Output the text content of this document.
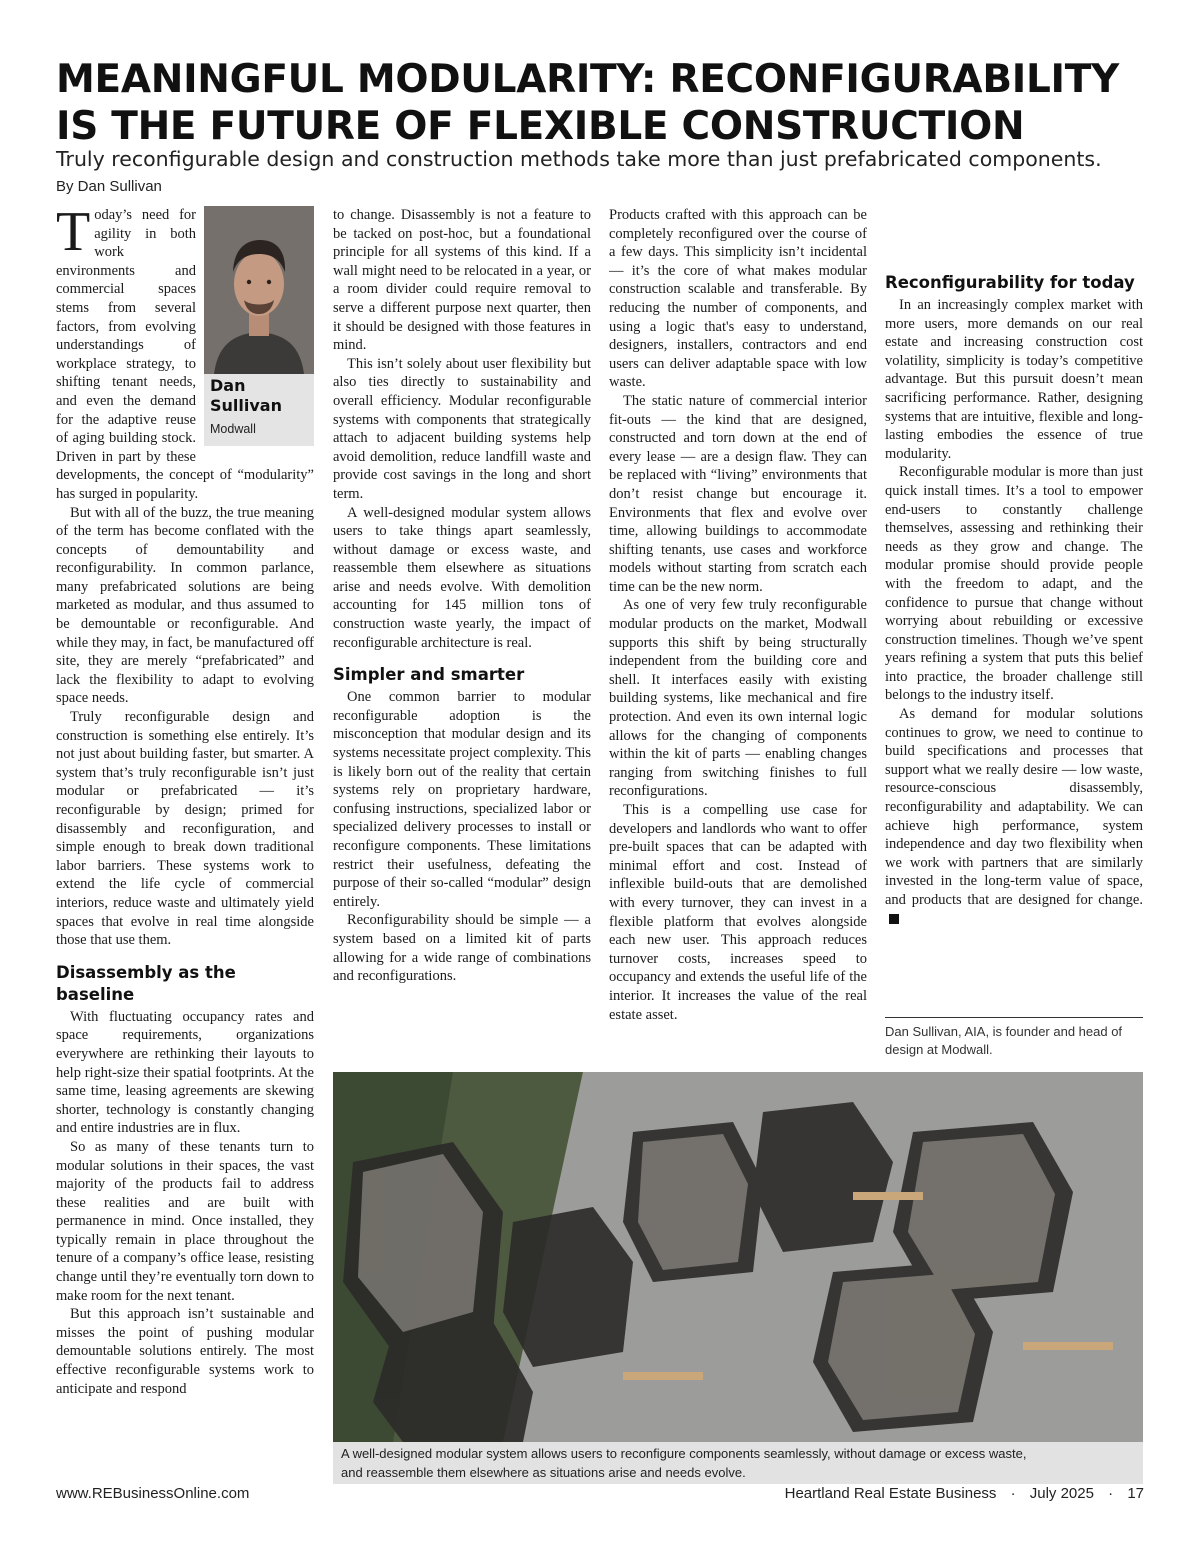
MEANINGFUL MODULARITY: RECONFIGURABILITY
IS THE FUTURE OF FLEXIBLE CONSTRUCTION
Truly reconfigurable design and construction methods take more than just prefabricated components.
By Dan Sullivan
Dan
Sullivan
Modwall

Today’s need for agility in both work environments and commercial spaces stems from several factors, from evolving understandings of workplace strategy, to shifting tenant needs, and even the demand for the adaptive reuse of aging building stock. Driven in part by these developments, the concept of “modularity” has surged in popularity.

But with all of the buzz, the true meaning of the term has become conflated with the concepts of demountability and reconfigurability. In common parlance, many prefabricated solutions are being marketed as modular, and thus assumed to be demountable or reconfigurable. And while they may, in fact, be manufactured off site, they are merely “prefabricated” and lack the flexibility to adapt to evolving space needs.

Truly reconfigurable design and construction is something else entirely. It’s not just about building faster, but smarter. A system that’s truly reconfigurable isn’t just modular or prefabricated — it’s reconfigurable by design; primed for disassembly and reconfiguration, and simple enough to break down traditional labor barriers. These systems work to extend the life cycle of commercial interiors, reduce waste and ultimately yield spaces that evolve in real time alongside those that use them.

Disassembly as the baseline

With fluctuating occupancy rates and space requirements, organizations everywhere are rethinking their layouts to help right-size their spatial footprints. At the same time, leasing agreements are skewing shorter, technology is constantly changing and entire industries are in flux.

So as many of these tenants turn to modular solutions in their spaces, the vast majority of the products fail to address these realities and are built with permanence in mind. Once installed, they typically remain in place throughout the tenure of a company’s office lease, resisting change until they’re eventually torn down to make room for the next tenant.

But this approach isn’t sustainable and misses the point of pushing modular demountable solutions entirely. The most effective reconfigurable systems work to anticipate and respond

to change. Disassembly is not a feature to be tacked on post-hoc, but a foundational principle for all systems of this kind. If a wall might need to be relocated in a year, or a room divider could require removal to serve a different purpose next quarter, then it should be designed with those features in mind.

This isn’t solely about user flexibility but also ties directly to sustainability and overall efficiency. Modular reconfigurable systems with components that strategically attach to adjacent building systems help avoid demolition, reduce landfill waste and provide cost savings in the long and short term.

A well-designed modular system allows users to take things apart seamlessly, without damage or excess waste, and reassemble them elsewhere as situations arise and needs evolve. With demolition accounting for 145 million tons of construction waste yearly, the impact of reconfigurable architecture is real.

Simpler and smarter

One common barrier to modular reconfigurable adoption is the misconception that modular design and its systems necessitate project complexity. This is likely born out of the reality that certain systems rely on proprietary hardware, confusing instructions, specialized labor or specialized delivery processes to install or reconfigure components. These limitations restrict their usefulness, defeating the purpose of their so-called “modular” design entirely.

Reconfigurability should be simple — a system based on a limited kit of parts allowing for a wide range of combinations and reconfigurations.

Products crafted with this approach can be completely reconfigured over the course of a few days. This simplicity isn’t incidental — it’s the core of what makes modular construction scalable and transferable. By reducing the number of components, and using a logic that's easy to understand, designers, installers, contractors and end users can deliver adaptable space with low waste.

The static nature of commercial interior fit-outs — the kind that are designed, constructed and torn down at the end of every lease — are a design flaw. They can be replaced with “living” environments that don’t resist change but encourage it. Environments that flex and evolve over time, allowing buildings to accommodate shifting tenants, use cases and workforce models without starting from scratch each time can be the new norm.

As one of very few truly reconfigurable modular products on the market, Modwall supports this shift by being structurally independent from the building core and shell. It interfaces easily with existing building systems, like mechanical and fire protection. And even its own internal logic allows for the changing of components within the kit of parts — enabling changes ranging from switching finishes to full reconfigurations.

This is a compelling use case for developers and landlords who want to offer pre-built spaces that can be adapted with minimal effort and cost. Instead of inflexible build-outs that are demolished with every turnover, they can invest in a flexible platform that evolves alongside each new user. This approach reduces turnover costs, increases speed to occupancy and extends the useful life of the interior. It increases the value of the real estate asset.

Reconfigurability for today

In an increasingly complex market with more users, more demands on our real estate and increasing construction cost volatility, simplicity is today’s competitive advantage. But this pursuit doesn’t mean sacrificing performance. Rather, designing systems that are intuitive, flexible and long-lasting embodies the essence of true modularity.

Reconfigurable modular is more than just quick install times. It’s a tool to empower end-users to constantly challenge themselves, assessing and rethinking their needs as they grow and change. The modular promise should provide people with the freedom to adapt, and the confidence to pursue that change without worrying about rebuilding or excessive construction timelines. Though we’ve spent years refining a system that puts this belief into practice, the broader challenge still belongs to the industry itself.

As demand for modular solutions continues to grow, we need to continue to build specifications and processes that support what we really desire — low waste, resource-conscious disassembly, reconfigurability and adaptability. We can achieve high performance, system independence and day two flexibility when we work with partners that are similarly invested in the long-term value of space, and products that are designed for change.

Dan Sullivan, AIA, is founder and head of design at Modwall.
A well-designed modular system allows users to reconfigure components seamlessly, without damage or excess waste,
and reassemble them elsewhere as situations arise and needs evolve.
www.REBusinessOnline.com	Heartland Real Estate Business · July 2025 · 17
